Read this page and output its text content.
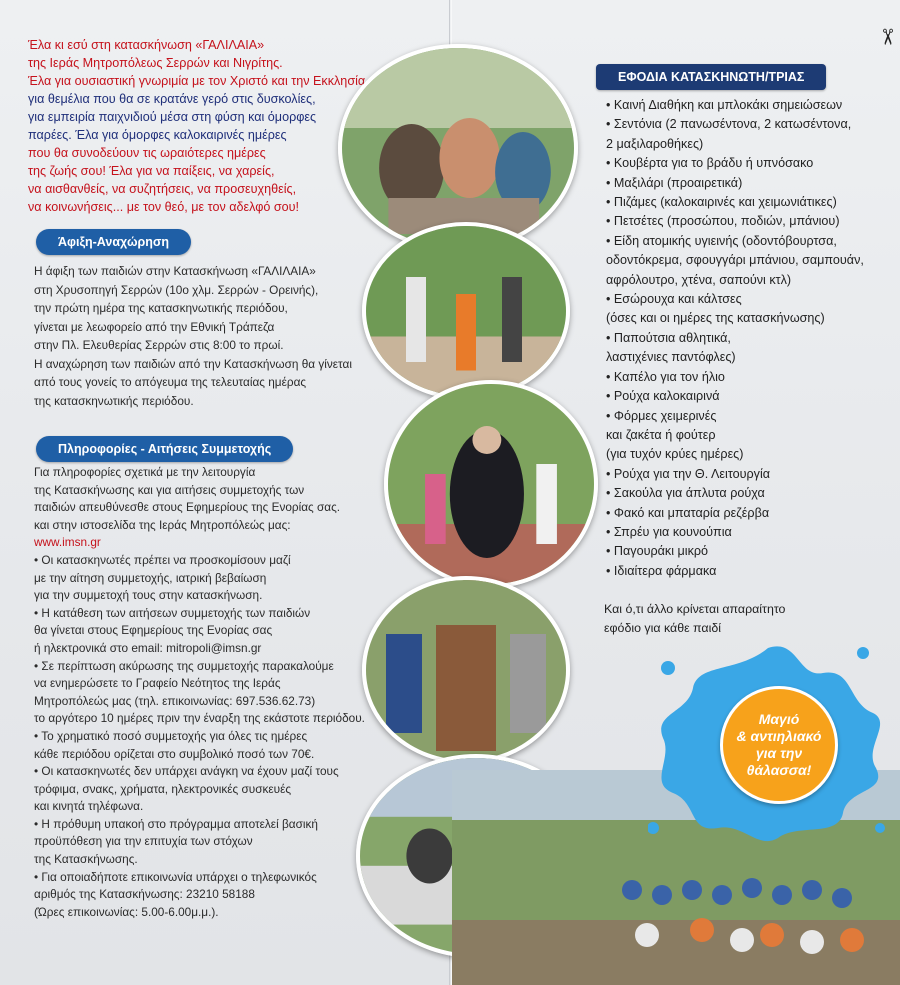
Έλα κι εσύ στη κατασκήνωση «ΓΑΛΙΛΑΙΑ»
της Ιεράς Μητροπόλεως Σερρών και Νιγρίτης.
Έλα για ουσιαστική γνωριμία με τον Χριστό και την Εκκλησία,
για θεμέλια που θα σε κρατάνε γερό στις δυσκολίες,
για εμπειρία παιχνιδιού μέσα στη φύση και όμορφες
παρέες. Έλα για όμορφες καλοκαιρινές ημέρες
που θα συνοδεύουν τις ωραιότερες ημέρες
της ζωής σου! Έλα για να παίξεις, να χαρείς,
να αισθανθείς, να συζητήσεις, να προσευχηθείς,
να κοινωνήσεις... με τον θεό, με τον αδελφό σου!
Άφιξη-Αναχώρηση
Η άφιξη των παιδιών στην Κατασκήνωση «ΓΑΛΙΛΑΙΑ»
στη Χρυσοπηγή Σερρών (10ο χλμ. Σερρών - Ορεινής),
την πρώτη ημέρα της κατασκηνωτικής περιόδου,
γίνεται με λεωφορείο από την Εθνική Τράπεζα
στην Πλ. Ελευθερίας Σερρών στις 8:00 το πρωί.
Η αναχώρηση των παιδιών από την Κατασκήνωση θα γίνεται
από τους γονείς το απόγευμα της τελευταίας ημέρας
της κατασκηνωτικής περιόδου.
Πληροφορίες - Αιτήσεις Συμμετοχής
Για πληροφορίες σχετικά με την λειτουργία
της Κατασκήνωσης και για αιτήσεις συμμετοχής των
παιδιών απευθύνεσθε στους Εφημερίους της Ενορίας σας.
και στην ιστοσελίδα της Ιεράς Μητροπόλεώς μας:
www.imsn.gr
• Οι κατασκηνωτές πρέπει να προσκομίσουν μαζί
με την αίτηση συμμετοχής, ιατρική βεβαίωση
για την συμμετοχή τους στην κατασκήνωση.
• Η κατάθεση των αιτήσεων συμμετοχής των παιδιών
θα γίνεται στους Εφημερίους της Ενορίας σας
ή ηλεκτρονικά στο email: mitropoli@imsn.gr
• Σε περίπτωση ακύρωσης της συμμετοχής παρακαλούμε
να ενημερώσετε το Γραφείο Νεότητος της Ιεράς
Μητροπόλεώς μας (τηλ. επικοινωνίας: 697.536.62.73)
το αργότερο 10 ημέρες πριν την έναρξη της εκάστοτε περιόδου.
• Το χρηματικό ποσό συμμετοχής για όλες τις ημέρες
κάθε περιόδου ορίζεται στο συμβολικό ποσό των 70€.
• Οι κατασκηνωτές δεν υπάρχει ανάγκη να έχουν μαζί τους
τρόφιμα, σνακς, χρήματα, ηλεκτρονικές συσκευές
και κινητά τηλέφωνα.
• Η πρόθυμη υπακοή στο πρόγραμμα αποτελεί βασική
προϋπόθεση για την επιτυχία των στόχων
της Κατασκήνωσης.
• Για οποιαδήποτε επικοινωνία υπάρχει ο τηλεφωνικός
αριθμός της Κατασκήνωσης: 23210 58188
(Ώρες επικοινωνίας: 5.00-6.00μ.μ.).
✂
ΕΦΟΔΙΑ ΚΑΤΑΣΚΗΝΩΤΗ/ΤΡΙΑΣ
• Καινή Διαθήκη και μπλοκάκι σημειώσεων
• Σεντόνια (2 πανωσέντονα, 2 κατωσέντονα,
2 μαξιλαροθήκες)
• Κουβέρτα για το βράδυ ή υπνόσακο
• Μαξιλάρι (προαιρετικά)
• Πιζάμες (καλοκαιρινές και χειμωνιάτικες)
• Πετσέτες (προσώπου, ποδιών, μπάνιου)
• Είδη ατομικής υγιεινής (οδοντόβουρτσα,
οδοντόκρεμα, σφουγγάρι μπάνιου, σαμπουάν,
αφρόλουτρο, χτένα, σαπούνι κτλ)
• Εσώρουχα και κάλτσες
(όσες και οι ημέρες της κατασκήνωσης)
• Παπούτσια αθλητικά,
λαστιχένιες παντόφλες)
• Καπέλο για τον ήλιο
• Ρούχα καλοκαιρινά
• Φόρμες χειμερινές
και ζακέτα ή φούτερ
(για τυχόν κρύες ημέρες)
• Ρούχα για την Θ. Λειτουργία
• Σακούλα για άπλυτα ρούχα
• Φακό και μπαταρία ρεζέρβα
• Σπρέυ για κουνούπια
• Παγουράκι μικρό
• Ιδιαίτερα φάρμακα
Και ό,τι άλλο κρίνεται απαραίτητο
εφόδιο για κάθε παιδί
Μαγιό
& αντιηλιακό
για την
θάλασσα!
